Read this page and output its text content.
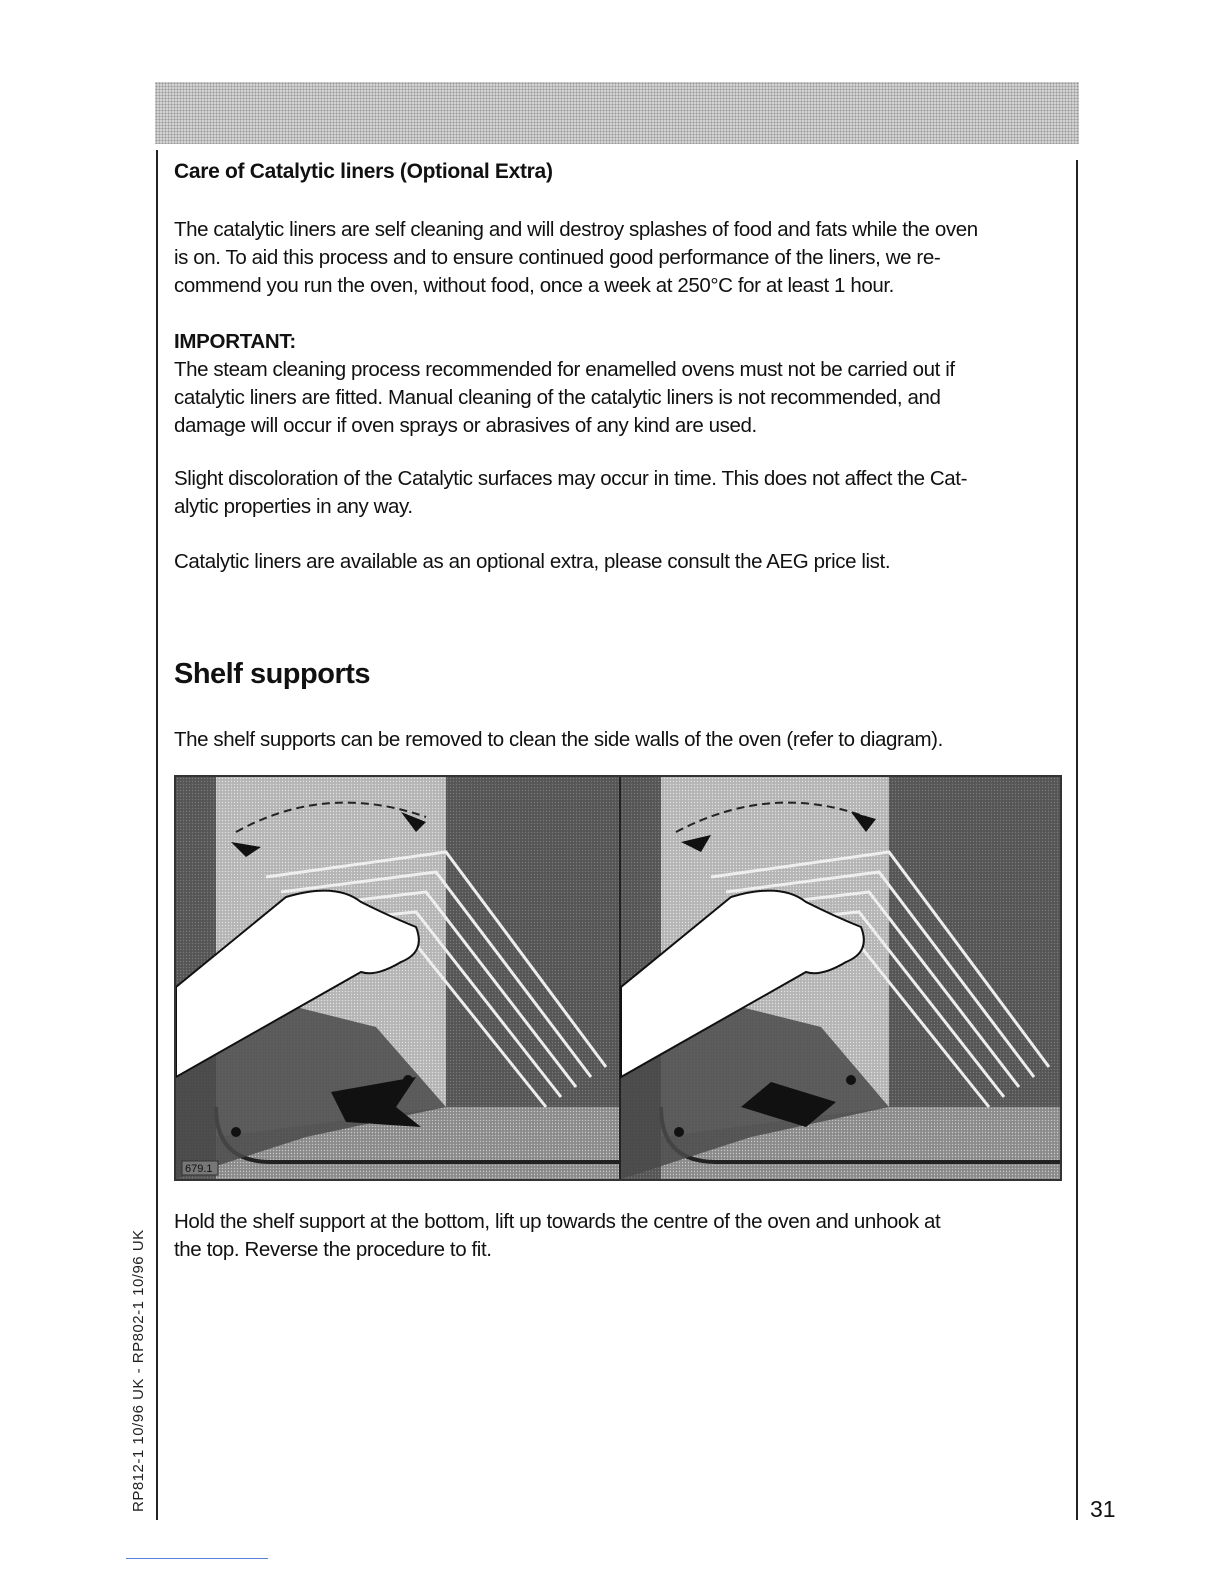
Care of Catalytic liners (Optional Extra)

The catalytic liners are self cleaning and will destroy splashes of food and fats while the oven

is on. To aid this process and to ensure continued good performance of the liners, we re-

commend you run the oven, without food, once a week at 250°C for at least 1 hour.

IMPORTANT:

The steam cleaning process recommended for enamelled ovens must not be carried out if

catalytic liners are fitted. Manual cleaning of the catalytic liners is not recommended, and

damage will occur if oven sprays or abrasives of any kind are used.

Slight discoloration of the Catalytic surfaces may occur in time. This does not affect the Cat-

alytic properties in any way.

Catalytic liners are available as an optional extra, please consult the AEG price list.

Shelf supports

The shelf supports can be removed to clean the side walls of the oven (refer to diagram).

679.1

Hold the shelf support at the bottom, lift up towards the centre of the oven and unhook at

the top. Reverse the procedure to fit.

RP812-1 10/96 UK - RP802-1 10/96 UK	31
